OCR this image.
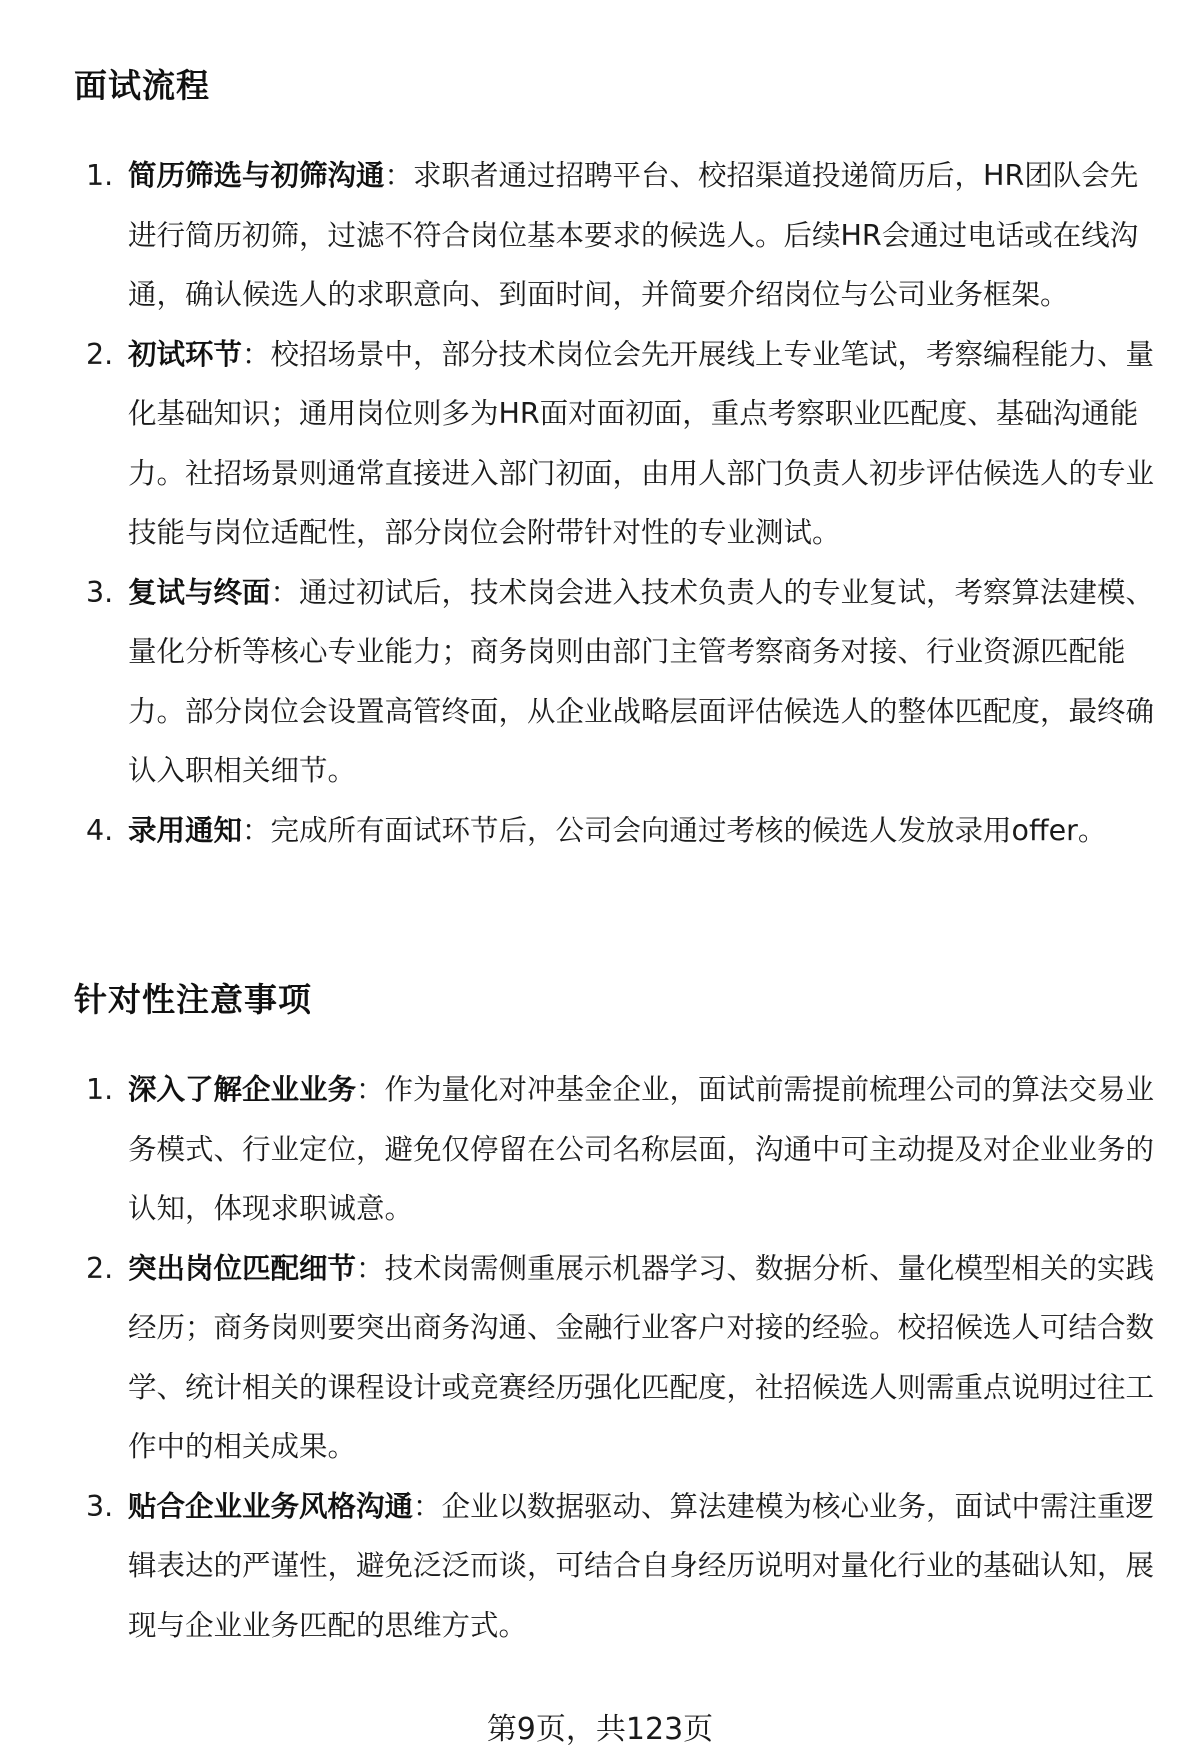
面试流程
1. 简历筛选与初筛沟通：求职者通过招聘平台、校招渠道投递简历后，HR团队会先进行简历初筛，过滤不符合岗位基本要求的候选人。后续HR会通过电话或在线沟通，确认候选人的求职意向、到面时间，并简要介绍岗位与公司业务框架。
2. 初试环节：校招场景中，部分技术岗位会先开展线上专业笔试，考察编程能力、量化基础知识；通用岗位则多为HR面对面初面，重点考察职业匹配度、基础沟通能力。社招场景则通常直接进入部门初面，由用人部门负责人初步评估候选人的专业技能与岗位适配性，部分岗位会附带针对性的专业测试。
3. 复试与终面：通过初试后，技术岗会进入技术负责人的专业复试，考察算法建模、量化分析等核心专业能力；商务岗则由部门主管考察商务对接、行业资源匹配能力。部分岗位会设置高管终面，从企业战略层面评估候选人的整体匹配度，最终确认入职相关细节。
4. 录用通知：完成所有面试环节后，公司会向通过考核的候选人发放录用offer。
针对性注意事项
1. 深入了解企业业务：作为量化对冲基金企业，面试前需提前梳理公司的算法交易业务模式、行业定位，避免仅停留在公司名称层面，沟通中可主动提及对企业业务的认知，体现求职诚意。
2. 突出岗位匹配细节：技术岗需侧重展示机器学习、数据分析、量化模型相关的实践经历；商务岗则要突出商务沟通、金融行业客户对接的经验。校招候选人可结合数学、统计相关的课程设计或竞赛经历强化匹配度，社招候选人则需重点说明过往工作中的相关成果。
3. 贴合企业业务风格沟通：企业以数据驱动、算法建模为核心业务，面试中需注重逻辑表达的严谨性，避免泛泛而谈，可结合自身经历说明对量化行业的基础认知，展现与企业业务匹配的思维方式。
第9页，共123页
